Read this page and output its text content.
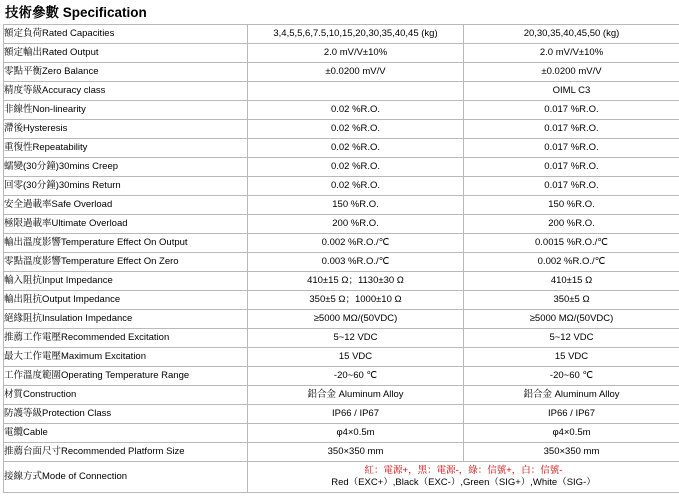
技術參數 Specification
額定負荷Rated Capacities	3,4,5,5,6,7.5,10,15,20,30,35,40,45 (kg)	20,30,35,40,45,50 (kg)
額定輸出Rated Output	2.0 mV/V±10%	2.0 mV/V±10%
零點平衡Zero Balance	±0.0200 mV/V	±0.0200 mV/V
精度等級Accuracy class		OIML C3
非線性Non-linearity	0.02 %R.O.	0.017 %R.O.
滯後Hysteresis	0.02 %R.O.	0.017 %R.O.
重復性Repeatability	0.02 %R.O.	0.017 %R.O.
蠕變(30分鐘)30mins Creep	0.02 %R.O.	0.017 %R.O.
回零(30分鐘)30mins Return	0.02 %R.O.	0.017 %R.O.
安全過載率Safe Overload	150 %R.O.	150 %R.O.
極限過載率Ultimate Overload	200 %R.O.	200 %R.O.
輸出溫度影響Temperature Effect On Output	0.002 %R.O./℃	0.0015 %R.O./℃
零點溫度影響Temperature Effect On Zero	0.003 %R.O./℃	0.002 %R.O./℃
輸入阻抗Input Impedance	410±15 Ω；1130±30 Ω	410±15 Ω
輸出阻抗Output Impedance	350±5 Ω；1000±10 Ω	350±5 Ω
絕緣阻抗Insulation Impedance	≥5000 MΩ/(50VDC)	≥5000 MΩ/(50VDC)
推薦工作電壓Recommended Excitation	5~12 VDC	5~12 VDC
最大工作電壓Maximum Excitation	15 VDC	15 VDC
工作溫度範圍Operating Temperature Range	-20~60 ℃	-20~60 ℃
材質Construction	鋁合金 Aluminum Alloy	鋁合金 Aluminum Alloy
防護等級Protection Class	IP66 / IP67	IP66 / IP67
電纜Cable	φ4×0.5m	φ4×0.5m
推薦台面尺寸Recommended Platform Size	350×350 mm	350×350 mm
接線方式Mode of Connection	紅：電源+，黑：電源-，綠：信號+，白：信號-
Red（EXC+）,Black（EXC-）,Green（SIG+）,White（SIG-）	
